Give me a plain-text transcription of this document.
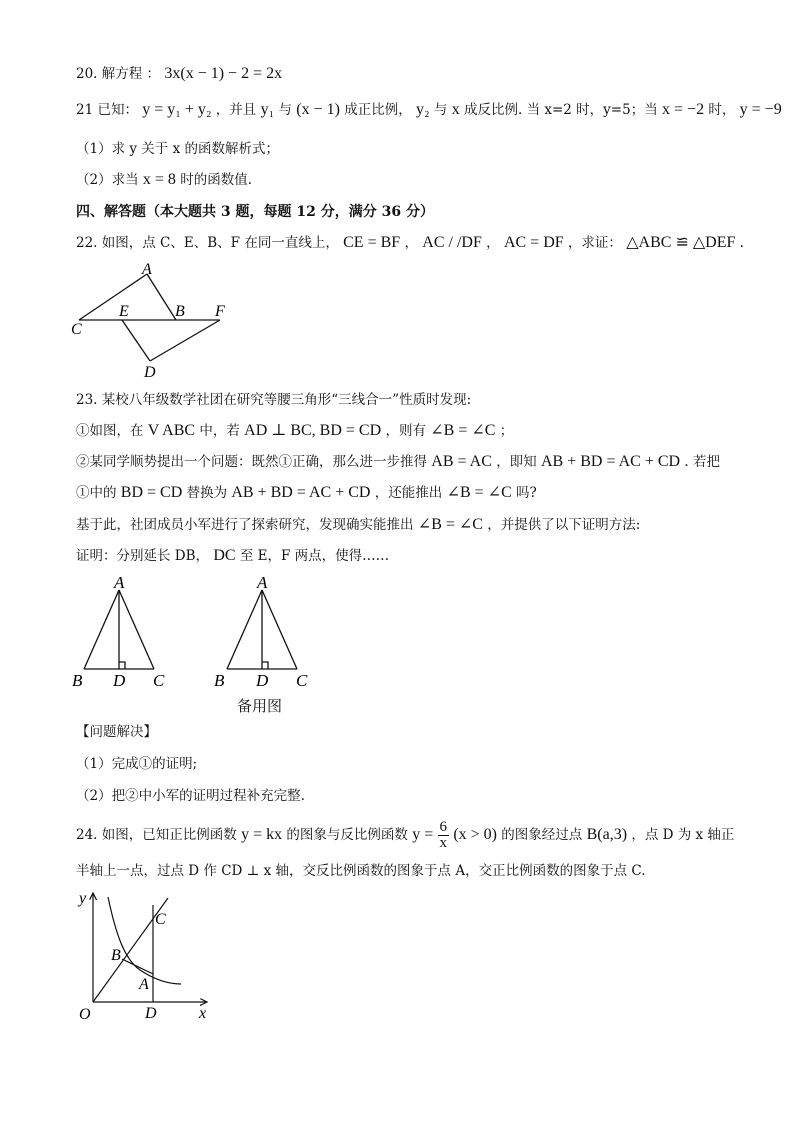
20. 解方程 ： 3x(x − 1) − 2 = 2x
21 已知： y = y₁ + y₂ ，并且 y₁ 与 (x − 1) 成正比例， y₂ 与 x 成反比例. 当 x=2 时，y=5；当 x = −2 时， y = −9
（1）求 y 关于 x 的函数解析式；
（2）求当 x = 8 时的函数值.
四、解答题（本大题共 3 题，每题 12 分，满分 36 分）
22. 如图，点 C、E、B、F 在同一直线上， CE = BF ， AC / /DF ， AC = DF ，求证： △ABC ≌ △DEF .
A
C
E	B F
D
23. 某校八年级数学社团在研究等腰三角形“三线合一”性质时发现:
①如图，在 V ABC 中，若 AD ⊥ BC, BD = CD ，则有 ∠B = ∠C ；
②某同学顺势提出一个问题：既然①正确，那么进一步推得 AB = AC ，即知 AB + BD = AC + CD . 若把
①中的 BD = CD 替换为 AB + BD = AC + CD ，还能推出 ∠B = ∠C 吗?
基于此，社团成员小军进行了探索研究，发现确实能推出 ∠B = ∠C ，并提供了以下证明方法:
证明：分别延长 DB， DC 至 E，F 两点，使得……
A
B D C
A
B D C
备用图
【问题解决】
（1）完成①的证明;
（2）把②中小军的证明过程补充完整.
24. 如图，已知正比例函数 y = kx 的图象与反比例函数 $y = \frac{6}{x} (x > 0)$ 的图象经过点 B(a,3) ，点 D 为 x 轴正
半轴上一点，过点 D 作 CD ⊥ x 轴，交反比例函数的图象于点 A，交正比例函数的图象于点 C.
y
x
O	D
A
B
C
